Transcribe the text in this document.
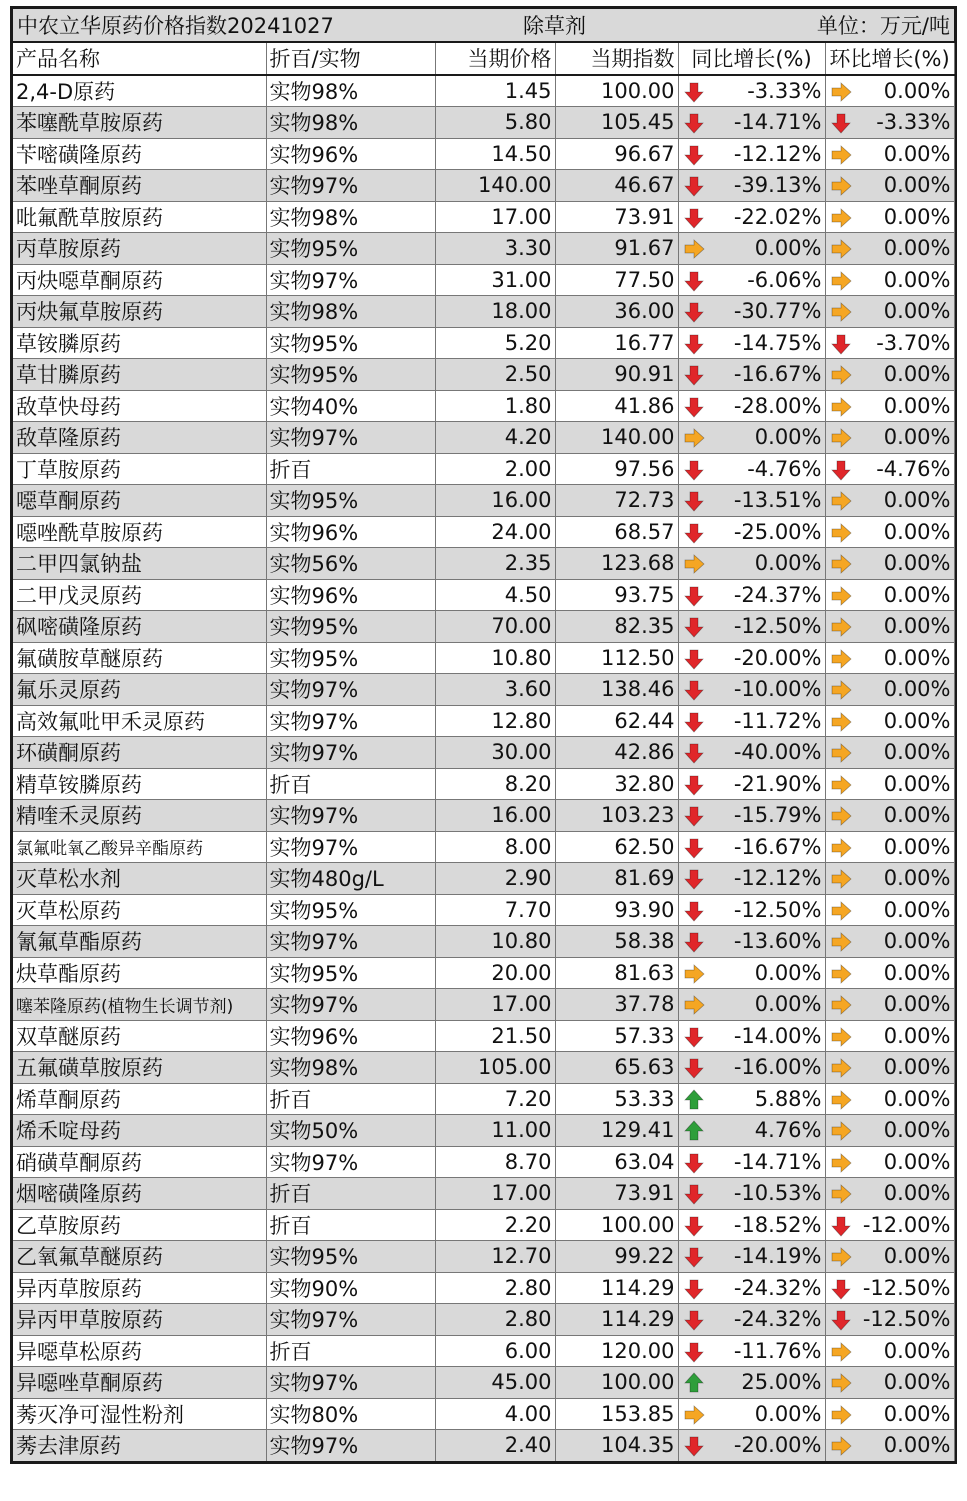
中农立华原药价格指数20241027	除草剂	单位：万元/吨
产品名称	折百/实物	当期价格	当期指数	同比增长(%)		环比增长(%)	
2,4-D原药	实物98%	1.45	100.00		-3.33%		0.00%
苯噻酰草胺原药	实物98%	5.80	105.45		-14.71%		-3.33%
苄嘧磺隆原药	实物96%	14.50	96.67		-12.12%		0.00%
苯唑草酮原药	实物97%	140.00	46.67		-39.13%		0.00%
吡氟酰草胺原药	实物98%	17.00	73.91		-22.02%		0.00%
丙草胺原药	实物95%	3.30	91.67		0.00%		0.00%
丙炔噁草酮原药	实物97%	31.00	77.50		-6.06%		0.00%
丙炔氟草胺原药	实物98%	18.00	36.00		-30.77%		0.00%
草铵膦原药	实物95%	5.20	16.77		-14.75%		-3.70%
草甘膦原药	实物95%	2.50	90.91		-16.67%		0.00%
敌草快母药	实物40%	1.80	41.86		-28.00%		0.00%
敌草隆原药	实物97%	4.20	140.00		0.00%		0.00%
丁草胺原药	折百	2.00	97.56		-4.76%		-4.76%
噁草酮原药	实物95%	16.00	72.73		-13.51%		0.00%
噁唑酰草胺原药	实物96%	24.00	68.57		-25.00%		0.00%
二甲四氯钠盐	实物56%	2.35	123.68		0.00%		0.00%
二甲戊灵原药	实物96%	4.50	93.75		-24.37%		0.00%
砜嘧磺隆原药	实物95%	70.00	82.35		-12.50%		0.00%
氟磺胺草醚原药	实物95%	10.80	112.50		-20.00%		0.00%
氟乐灵原药	实物97%	3.60	138.46		-10.00%		0.00%
高效氟吡甲禾灵原药	实物97%	12.80	62.44		-11.72%		0.00%
环磺酮原药	实物97%	30.00	42.86		-40.00%		0.00%
精草铵膦原药	折百	8.20	32.80		-21.90%		0.00%
精喹禾灵原药	实物97%	16.00	103.23		-15.79%		0.00%
氯氟吡氧乙酸异辛酯原药	实物97%	8.00	62.50		-16.67%		0.00%
灭草松水剂	实物480g/L	2.90	81.69		-12.12%		0.00%
灭草松原药	实物95%	7.70	93.90		-12.50%		0.00%
氰氟草酯原药	实物97%	10.80	58.38		-13.60%		0.00%
炔草酯原药	实物95%	20.00	81.63		0.00%		0.00%
噻苯隆原药(植物生长调节剂)	实物97%	17.00	37.78		0.00%		0.00%
双草醚原药	实物96%	21.50	57.33		-14.00%		0.00%
五氟磺草胺原药	实物98%	105.00	65.63		-16.00%		0.00%
烯草酮原药	折百	7.20	53.33		5.88%		0.00%
烯禾啶母药	实物50%	11.00	129.41		4.76%		0.00%
硝磺草酮原药	实物97%	8.70	63.04		-14.71%		0.00%
烟嘧磺隆原药	折百	17.00	73.91		-10.53%		0.00%
乙草胺原药	折百	2.20	100.00		-18.52%		-12.00%
乙氧氟草醚原药	实物95%	12.70	99.22		-14.19%		0.00%
异丙草胺原药	实物90%	2.80	114.29		-24.32%		-12.50%
异丙甲草胺原药	实物97%	2.80	114.29		-24.32%		-12.50%
异噁草松原药	折百	6.00	120.00		-11.76%		0.00%
异噁唑草酮原药	实物97%	45.00	100.00		25.00%		0.00%
莠灭净可湿性粉剂	实物80%	4.00	153.85		0.00%		0.00%
莠去津原药	实物97%	2.40	104.35		-20.00%		0.00%
